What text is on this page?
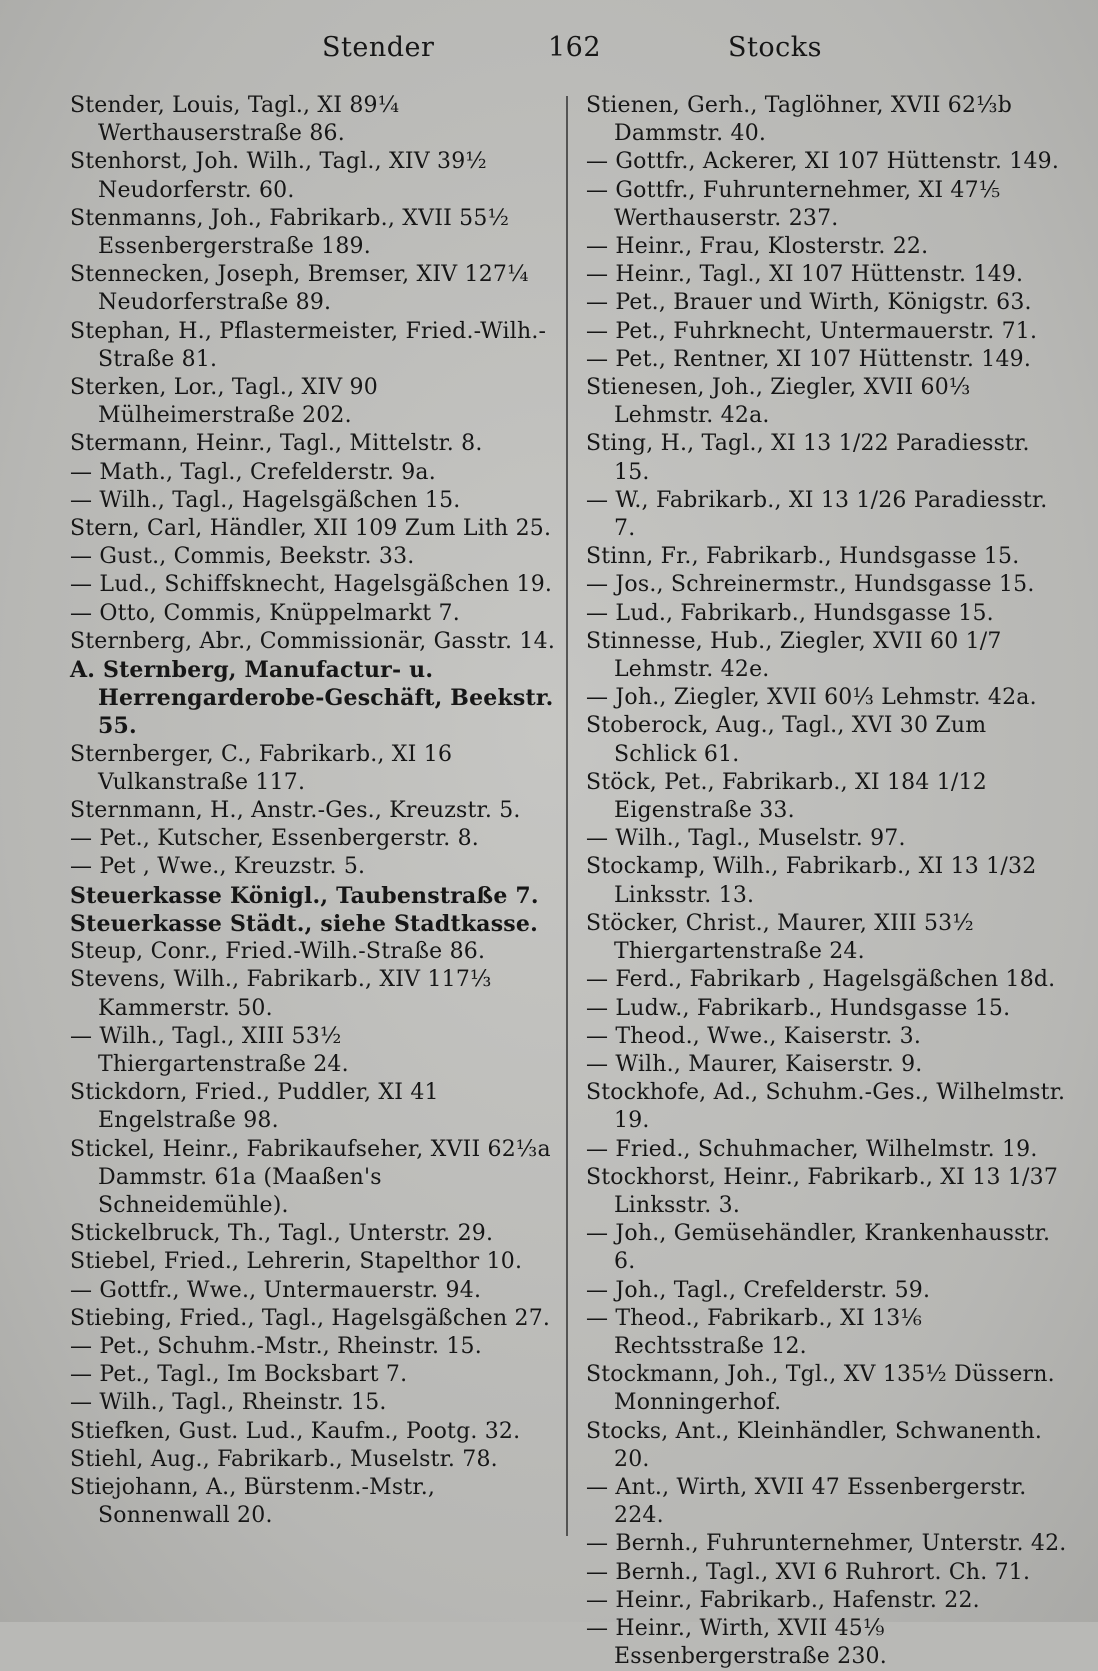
Stender	162	Stocks
Stender, Louis, Tagl., XI 89¼ Werthauserstraße 86.
Stenhorst, Joh. Wilh., Tagl., XIV 39½ Neudorferstr. 60.
Stenmanns, Joh., Fabrikarb., XVII 55½ Essenbergerstraße 189.
Stennecken, Joseph, Bremser, XIV 127¼ Neudorferstraße 89.
Stephan, H., Pflastermeister, Fried.-Wilh.-Straße 81.
Sterken, Lor., Tagl., XIV 90 Mülheimerstraße 202.
Stermann, Heinr., Tagl., Mittelstr. 8.
— Math., Tagl., Crefelderstr. 9a.
— Wilh., Tagl., Hagelsgäßchen 15.
Stern, Carl, Händler, XII 109 Zum Lith 25.
— Gust., Commis, Beekstr. 33.
— Lud., Schiffsknecht, Hagelsgäßchen 19.
— Otto, Commis, Knüppelmarkt 7.
Sternberg, Abr., Commissionär, Gasstr. 14.
A. Sternberg, Manufactur- u. Herrengarderobe-Geschäft, Beekstr. 55.
Sternberger, C., Fabrikarb., XI 16 Vulkanstraße 117.
Sternmann, H., Anstr.-Ges., Kreuzstr. 5.
— Pet., Kutscher, Essenbergerstr. 8.
— Pet , Wwe., Kreuzstr. 5.
Steuerkasse Königl., Taubenstraße 7.
Steuerkasse Städt., siehe Stadtkasse.
Steup, Conr., Fried.-Wilh.-Straße 86.
Stevens, Wilh., Fabrikarb., XIV 117⅓ Kammerstr. 50.
— Wilh., Tagl., XIII 53½ Thiergartenstraße 24.
Stickdorn, Fried., Puddler, XI 41 Engelstraße 98.
Stickel, Heinr., Fabrikaufseher, XVII 62⅓a Dammstr. 61a (Maaßen's Schneidemühle).
Stickelbruck, Th., Tagl., Unterstr. 29.
Stiebel, Fried., Lehrerin, Stapelthor 10.
— Gottfr., Wwe., Untermauerstr. 94.
Stiebing, Fried., Tagl., Hagelsgäßchen 27.
— Pet., Schuhm.-Mstr., Rheinstr. 15.
— Pet., Tagl., Im Bocksbart 7.
— Wilh., Tagl., Rheinstr. 15.
Stiefken, Gust. Lud., Kaufm., Pootg. 32.
Stiehl, Aug., Fabrikarb., Muselstr. 78.
Stiejohann, A., Bürstenm.-Mstr., Sonnenwall 20.
Stienen, Gerh., Taglöhner, XVII 62⅓b Dammstr. 40.
— Gottfr., Ackerer, XI 107 Hüttenstr. 149.
— Gottfr., Fuhrunternehmer, XI 47⅕ Werthauserstr. 237.
— Heinr., Frau, Klosterstr. 22.
— Heinr., Tagl., XI 107 Hüttenstr. 149.
— Pet., Brauer und Wirth, Königstr. 63.
— Pet., Fuhrknecht, Untermauerstr. 71.
— Pet., Rentner, XI 107 Hüttenstr. 149.
Stienesen, Joh., Ziegler, XVII 60⅓ Lehmstr. 42a.
Sting, H., Tagl., XI 13 1/22 Paradiesstr. 15.
— W., Fabrikarb., XI 13 1/26 Paradiesstr. 7.
Stinn, Fr., Fabrikarb., Hundsgasse 15.
— Jos., Schreinermstr., Hundsgasse 15.
— Lud., Fabrikarb., Hundsgasse 15.
Stinnesse, Hub., Ziegler, XVII 60 1/7 Lehmstr. 42e.
— Joh., Ziegler, XVII 60⅓ Lehmstr. 42a.
Stoberock, Aug., Tagl., XVI 30 Zum Schlick 61.
Stöck, Pet., Fabrikarb., XI 184 1/12 Eigenstraße 33.
— Wilh., Tagl., Muselstr. 97.
Stockamp, Wilh., Fabrikarb., XI 13 1/32 Linksstr. 13.
Stöcker, Christ., Maurer, XIII 53½ Thiergartenstraße 24.
— Ferd., Fabrikarb , Hagelsgäßchen 18d.
— Ludw., Fabrikarb., Hundsgasse 15.
— Theod., Wwe., Kaiserstr. 3.
— Wilh., Maurer, Kaiserstr. 9.
Stockhofe, Ad., Schuhm.-Ges., Wilhelmstr. 19.
— Fried., Schuhmacher, Wilhelmstr. 19.
Stockhorst, Heinr., Fabrikarb., XI 13 1/37 Linksstr. 3.
— Joh., Gemüsehändler, Krankenhausstr. 6.
— Joh., Tagl., Crefelderstr. 59.
— Theod., Fabrikarb., XI 13⅙ Rechtsstraße 12.
Stockmann, Joh., Tgl., XV 135½ Düssern. Monningerhof.
Stocks, Ant., Kleinhändler, Schwanenth. 20.
— Ant., Wirth, XVII 47 Essenbergerstr. 224.
— Bernh., Fuhrunternehmer, Unterstr. 42.
— Bernh., Tagl., XVI 6 Ruhrort. Ch. 71.
— Heinr., Fabrikarb., Hafenstr. 22.
— Heinr., Wirth, XVII 45⅑ Essenbergerstraße 230.
